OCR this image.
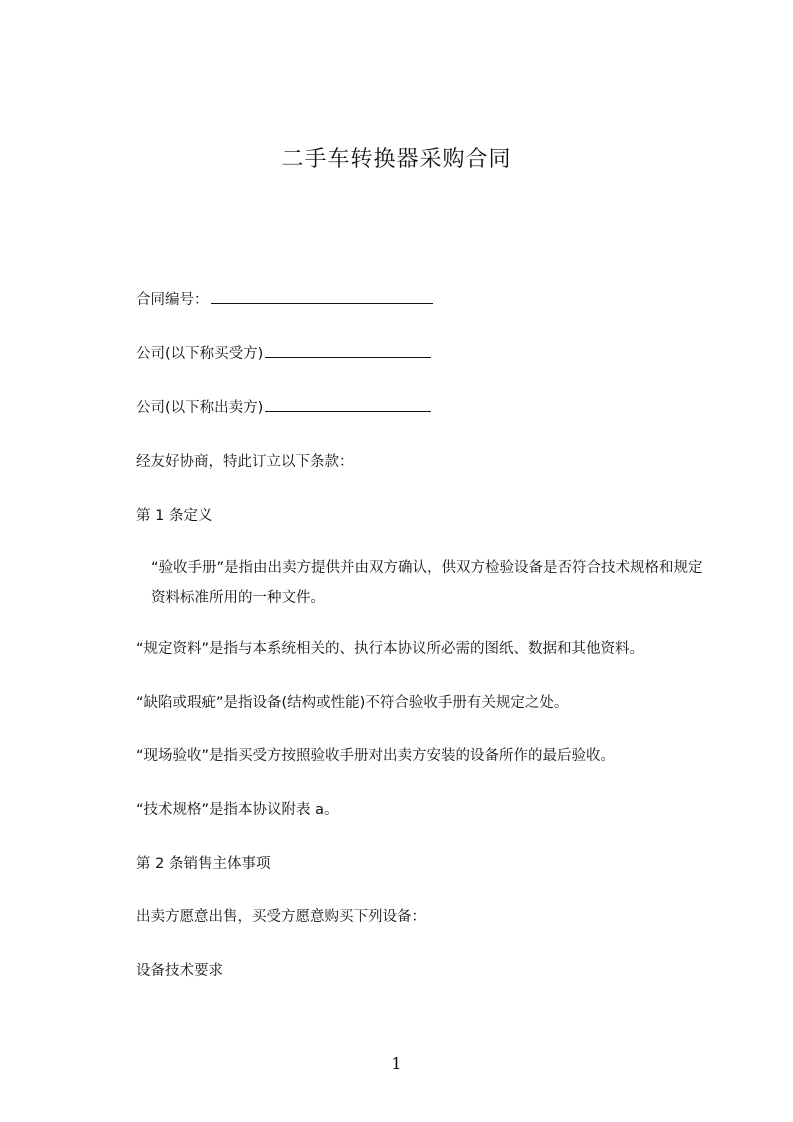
二手车转换器采购合同
合同编号：
公司(以下称买受方)
公司(以下称出卖方)
经友好协商，特此订立以下条款：
第 1 条定义
“验收手册”是指由出卖方提供并由双方确认，供双方检验设备是否符合技术规格和规定资料标准所用的一种文件。
“规定资料”是指与本系统相关的、执行本协议所必需的图纸、数据和其他资料。
“缺陷或瑕疵”是指设备(结构或性能)不符合验收手册有关规定之处。
“现场验收”是指买受方按照验收手册对出卖方安装的设备所作的最后验收。
“技术规格”是指本协议附表 a。
第 2 条销售主体事项
出卖方愿意出售，买受方愿意购买下列设备：
设备技术要求
1
